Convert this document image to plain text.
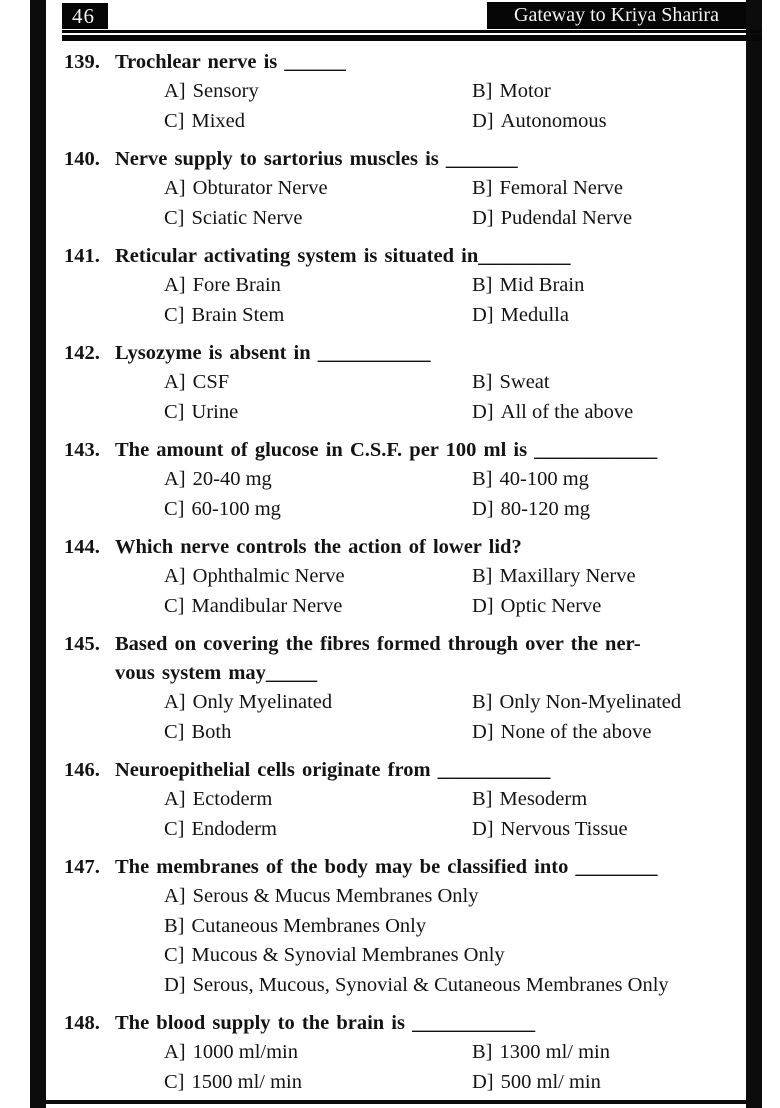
46	Gateway to Kriya Sharira
139. Trochlear nerve is ______
A] Sensory	B] Motor
C] Mixed	D] Autonomous
140. Nerve supply to sartorius muscles is _______
A] Obturator Nerve	B] Femoral Nerve
C] Sciatic Nerve	D] Pudendal Nerve
141. Reticular activating system is situated in_________
A] Fore Brain	B] Mid Brain
C] Brain Stem	D] Medulla
142. Lysozyme is absent in ___________
A] CSF	B] Sweat
C] Urine	D] All of the above
143. The amount of glucose in C.S.F. per 100 ml is ____________
A] 20-40 mg	B] 40-100 mg
C] 60-100 mg	D] 80-120 mg
144. Which nerve controls the action of lower lid?
A] Ophthalmic Nerve	B] Maxillary Nerve
C] Mandibular Nerve	D] Optic Nerve
145. Based on covering the fibres formed through over the ner-
vous system may_____
A] Only Myelinated	B] Only Non-Myelinated
C] Both	D] None of the above
146. Neuroepithelial cells originate from ___________
A] Ectoderm	B] Mesoderm
C] Endoderm	D] Nervous Tissue
147. The membranes of the body may be classified into ________
A] Serous & Mucus Membranes Only
B] Cutaneous Membranes Only
C] Mucous & Synovial Membranes Only
D] Serous, Mucous, Synovial & Cutaneous Membranes Only
148. The blood supply to the brain is ____________
A] 1000 ml/min	B] 1300 ml/ min
C] 1500 ml/ min	D] 500 ml/ min
